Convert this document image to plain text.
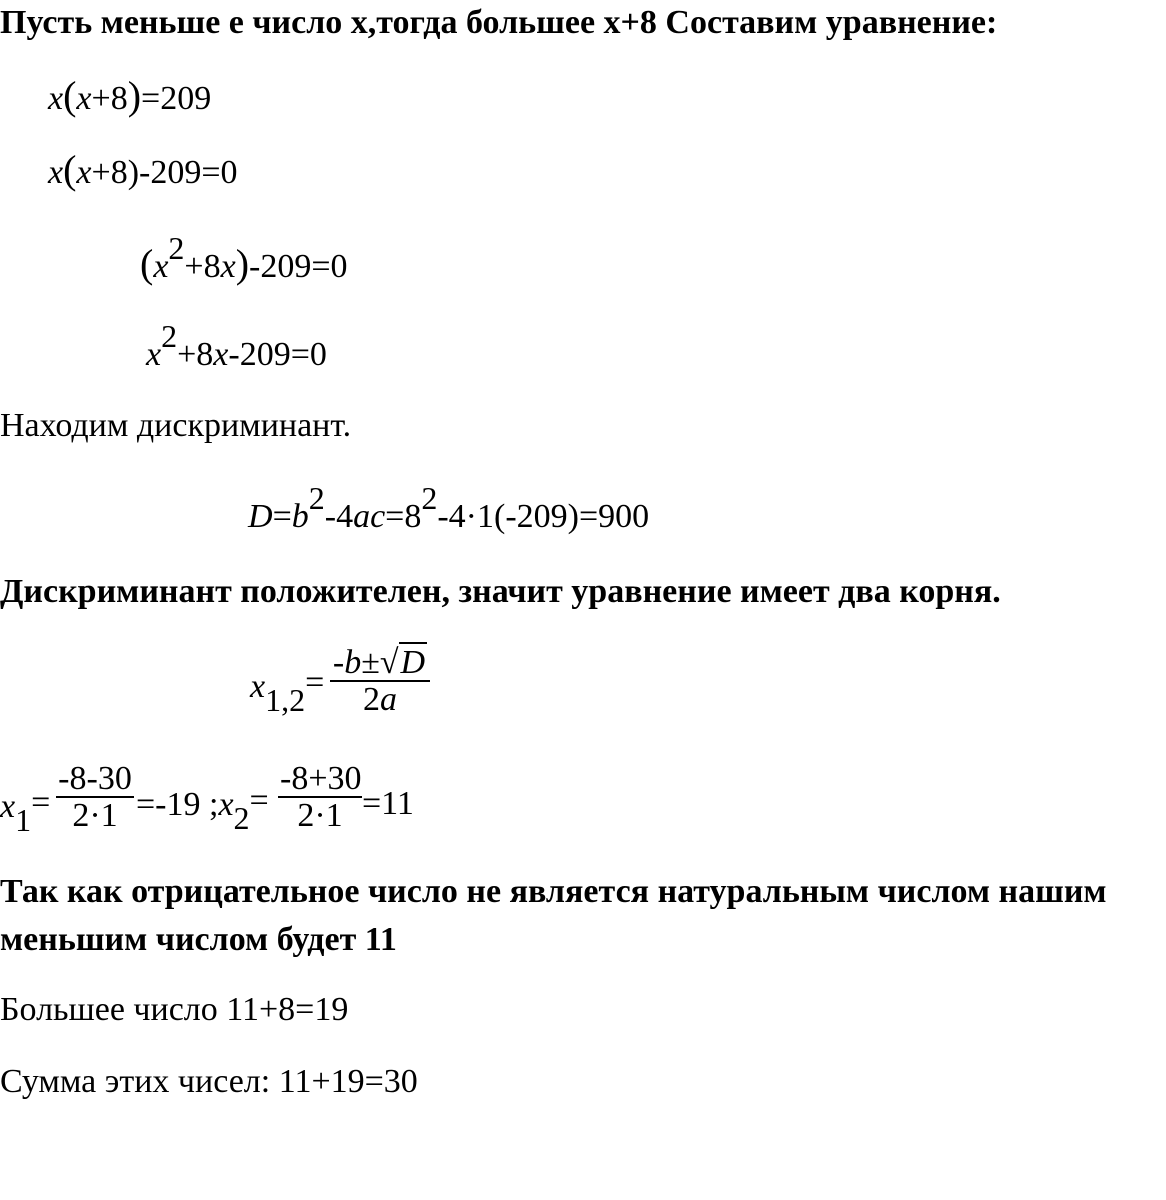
Пусть меньше е число х,тогда большее х+8 Составим уравнение:
x(x+8)=209
x(x+8)-209=0
(x2+8x)-209=0
x2+8x-209=0
Находим дискриминант.
D=b2-4ac=82-4·1(-209)=900
Дискриминант положителен, значит уравнение имеет два корня.
x1,2=
-b±√D
2a
x1=
-8-30
2·1 =-19 ;x2=
-8+30
2·1 =11
Так как отрицательное число не является натуральным числом нашим
меньшим числом будет 11
Большее число 11+8=19
Сумма этих чисел: 11+19=30
